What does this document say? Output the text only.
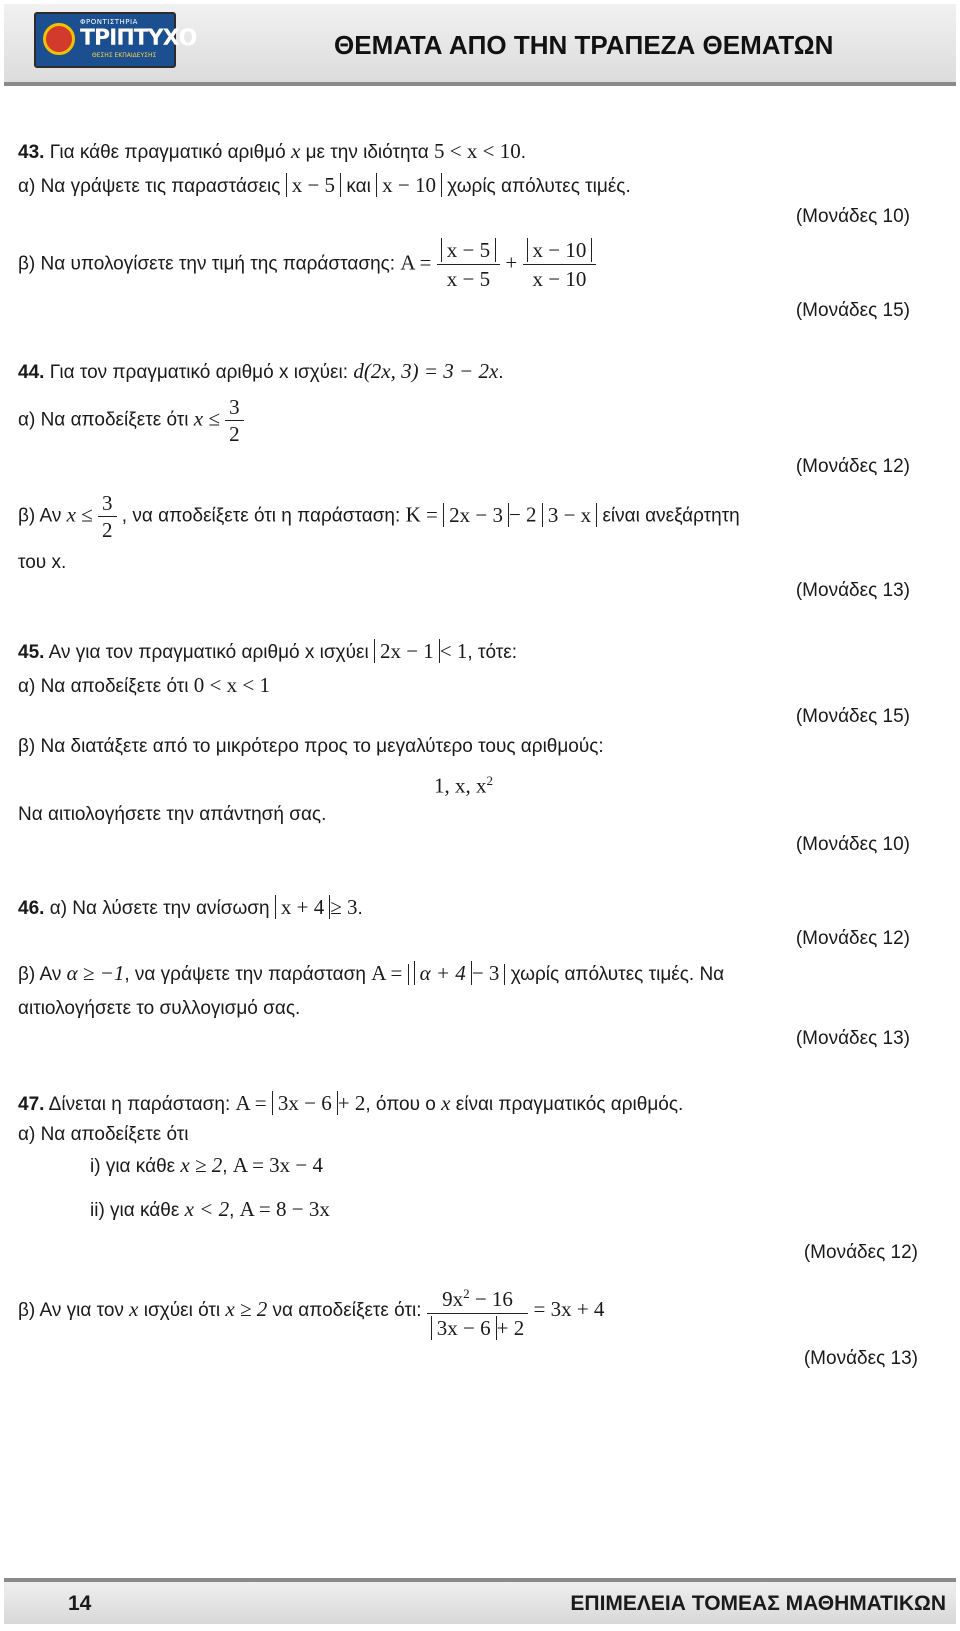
ΦΡΟΝΤΙΣΤΗΡΙΑ
ΤΡΙΠΤΥΧΟ
ΘΕΣΗΣ ΕΚΠΑΙΔΕΥΣΗΣ	ΘΕΜΑΤΑ ΑΠΟ ΤΗΝ ΤΡΑΠΕΖΑ ΘΕΜΑΤΩΝ
43. Για κάθε πραγματικό αριθμό x με την ιδιότητα 5 < x < 10.
α) Να γράψετε τις παραστάσεις x − 5 και x − 10 χωρίς απόλυτες τιμές.
(Μονάδες 10)
β) Να υπολογίσετε την τιμή της παράστασης: $A = \frac{x - 5}{x - 5} + \frac{x - 10}{x - 10}$
(Μονάδες 15)
44. Για τον πραγματικό αριθμό x ισχύει: d(2x, 3) = 3 − 2x.
α) Να αποδείξετε ότι $x \le \frac{3}{2}$
(Μονάδες 12)
β) Αν $x \le \frac{3}{2}$ , να αποδείξετε ότι η παράσταση: K = 2x − 3 − 2 3 − x είναι ανεξάρτητη
του x.
(Μονάδες 13)
45. Αν για τον πραγματικό αριθμό x ισχύει 2x − 1 < 1, τότε:
α) Να αποδείξετε ότι 0 < x < 1
(Μονάδες 15)
β) Να διατάξετε από το μικρότερο προς το μεγαλύτερο τους αριθμούς:
1, x, $x^2$
Να αιτιολογήσετε την απάντησή σας.
(Μονάδες 10)
46. α) Να λύσετε την ανίσωση x + 4 ≥ 3.
(Μονάδες 12)
β) Αν α ≥ −1, να γράψετε την παράσταση A = α + 4 − 3 χωρίς απόλυτες τιμές. Να
αιτιολογήσετε το συλλογισμό σας.
(Μονάδες 13)
47. Δίνεται η παράσταση: A = 3x − 6 + 2, όπου ο x είναι πραγματικός αριθμός.
α) Να αποδείξετε ότι
i) για κάθε x ≥ 2, A = 3x − 4
ii) για κάθε x < 2, A = 8 − 3x
(Μονάδες 12)
β) Αν για τον x ισχύει ότι x ≥ 2 να αποδείξετε ότι: $\frac{9x^2 - 16}{3x - 6 + 2} = 3x + 4$
(Μονάδες 13)
14	ΕΠΙΜΕΛΕΙΑ ΤΟΜΕΑΣ ΜΑΘΗΜΑΤΙΚΩΝ
